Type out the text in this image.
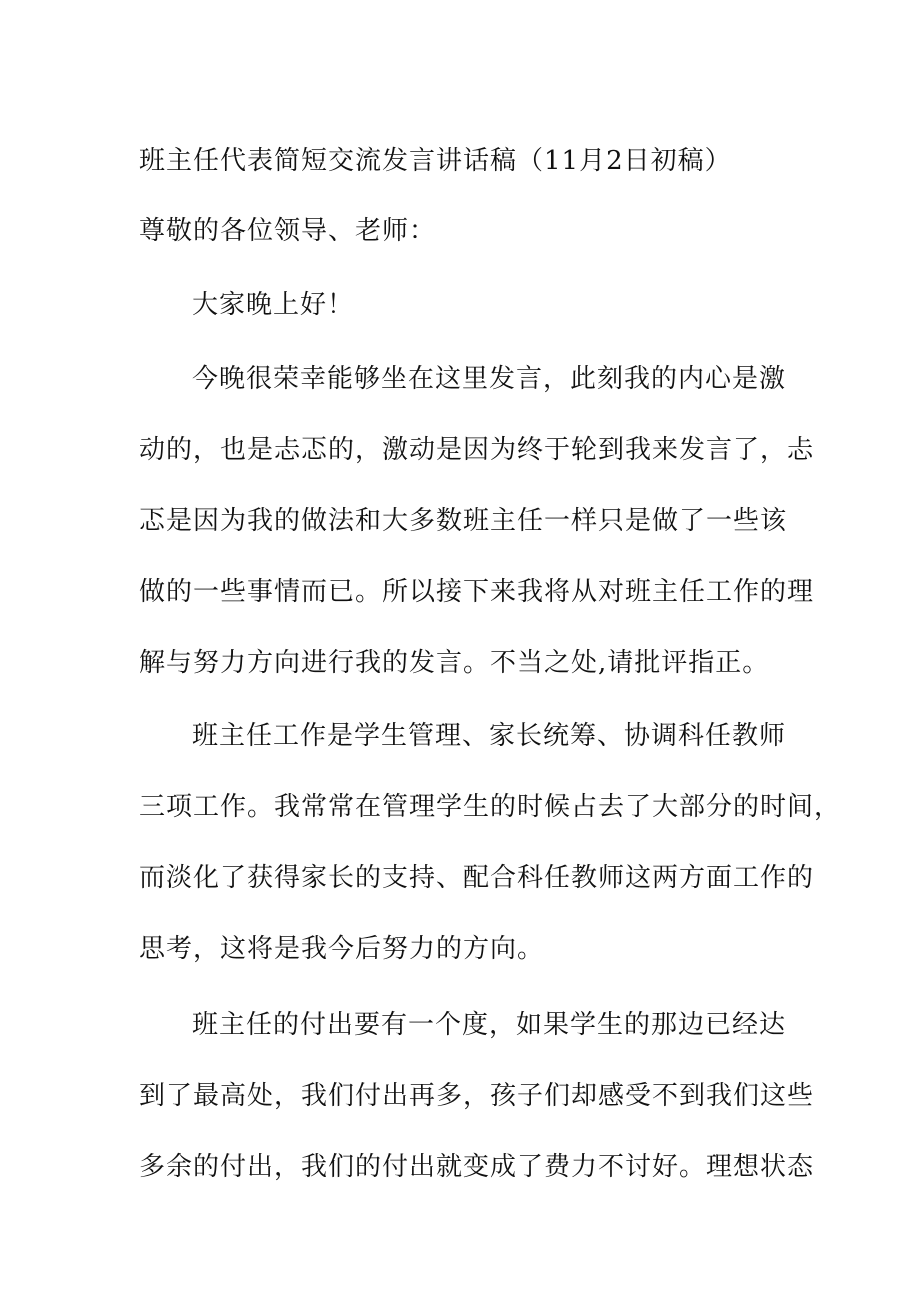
班主任代表简短交流发言讲话稿（11月2日初稿）
尊敬的各位领导、老师：
大家晚上好！
今晚很荣幸能够坐在这里发言，此刻我的内心是激
动的，也是忐忑的，激动是因为终于轮到我来发言了，忐
忑是因为我的做法和大多数班主任一样只是做了一些该
做的一些事情而已。所以接下来我将从对班主任工作的理
解与努力方向进行我的发言。不当之处,请批评指正。
班主任工作是学生管理、家长统筹、协调科任教师
三项工作。我常常在管理学生的时候占去了大部分的时间，
而淡化了获得家长的支持、配合科任教师这两方面工作的
思考，这将是我今后努力的方向。
班主任的付出要有一个度，如果学生的那边已经达
到了最高处，我们付出再多，孩子们却感受不到我们这些
多余的付出，我们的付出就变成了费力不讨好。理想状态
